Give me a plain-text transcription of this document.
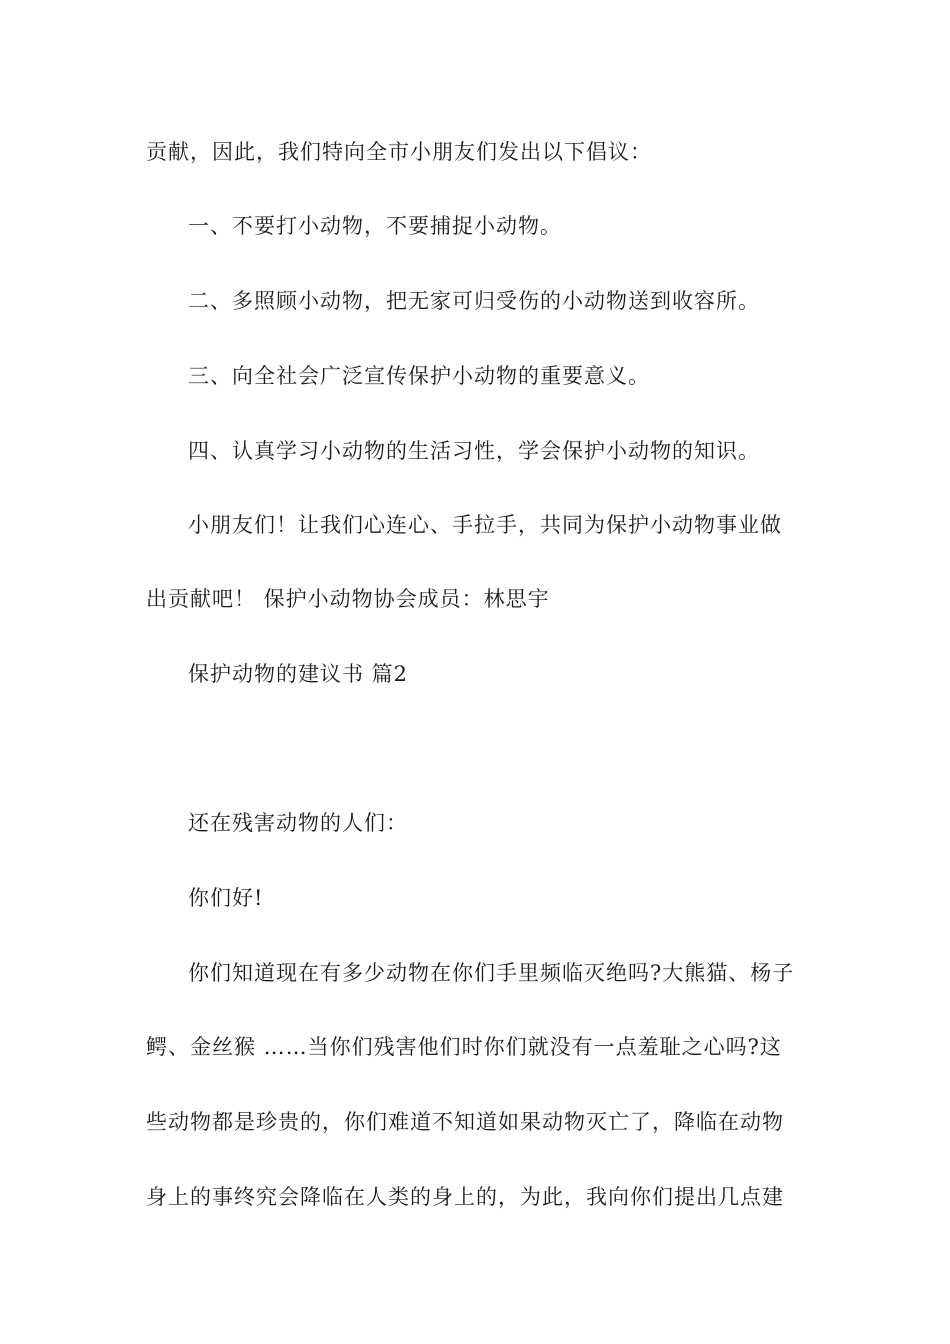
贡献，因此，我们特向全市小朋友们发出以下倡议：
一、不要打小动物，不要捕捉小动物。
二、多照顾小动物，把无家可归受伤的小动物送到收容所。
三、向全社会广泛宣传保护小动物的重要意义。
四、认真学习小动物的生活习性，学会保护小动物的知识。
小朋友们！让我们心连心、手拉手，共同为保护小动物事业做
出贡献吧！ 保护小动物协会成员：林思宇
保护动物的建议书 篇2
还在残害动物的人们：
你们好!
你们知道现在有多少动物在你们手里频临灭绝吗?大熊猫、杨子
鳄、金丝猴 ……当你们残害他们时你们就没有一点羞耻之心吗?这
些动物都是珍贵的，你们难道不知道如果动物灭亡了，降临在动物
身上的事终究会降临在人类的身上的，为此，我向你们提出几点建
